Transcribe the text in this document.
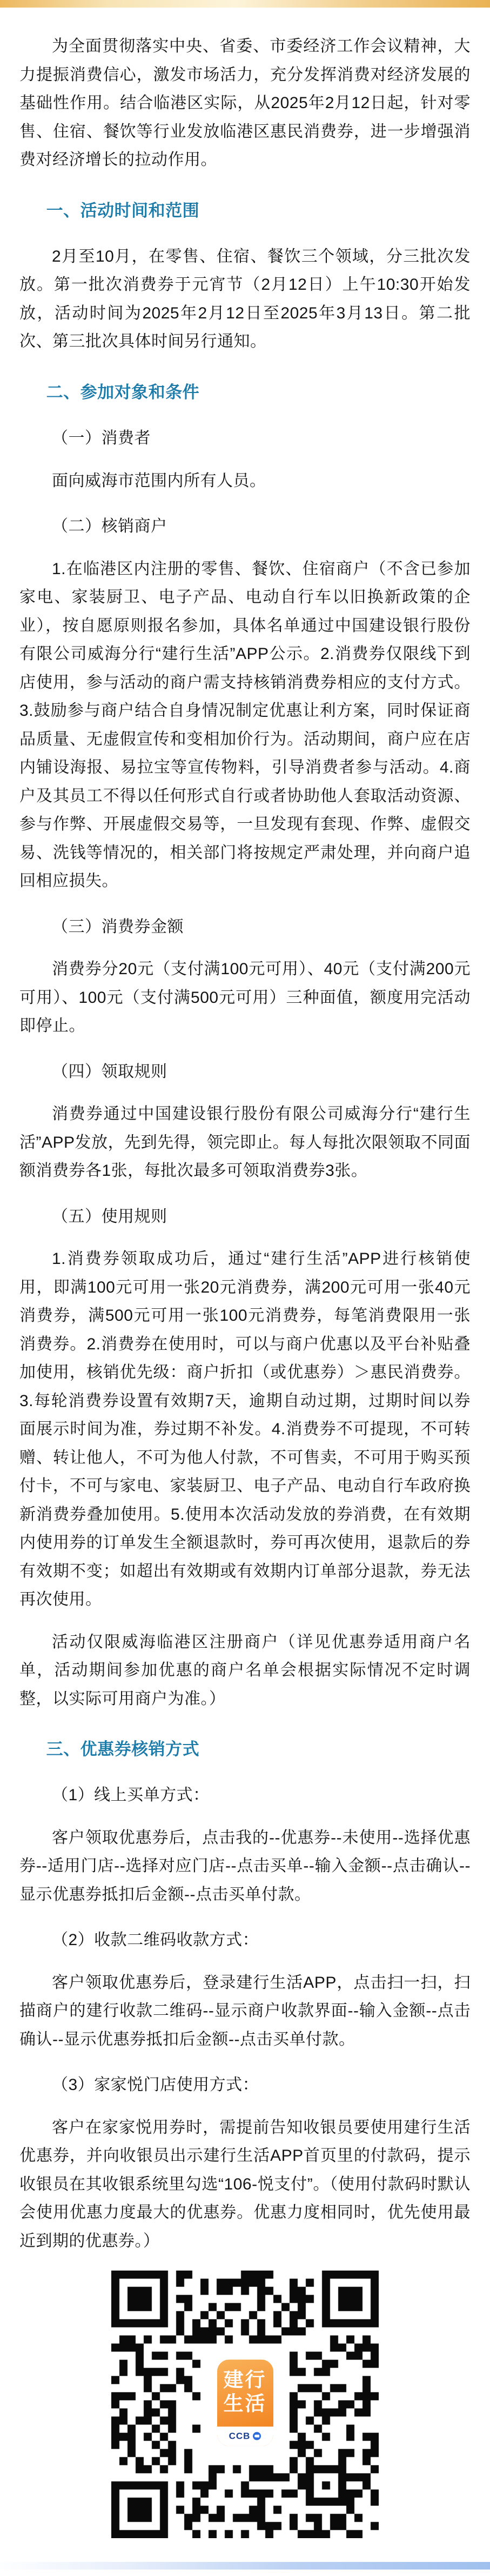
为全面贯彻落实中央、省委、市委经济工作会议精神，大力提振消费信心，激发市场活力，充分发挥消费对经济发展的基础性作用。结合临港区实际，从2025年2月12日起，针对零售、住宿、餐饮等行业发放临港区惠民消费券，进一步增强消费对经济增长的拉动作用。

一、活动时间和范围

2月至10月，在零售、住宿、餐饮三个领域，分三批次发放。第一批次消费券于元宵节（2月12日）上午10:30开始发放，活动时间为2025年2月12日至2025年3月13日。第二批次、第三批次具体时间另行通知。

二、参加对象和条件

（一）消费者

面向威海市范围内所有人员。

（二）核销商户

1.在临港区内注册的零售、餐饮、住宿商户（不含已参加家电、家装厨卫、电子产品、电动自行车以旧换新政策的企业），按自愿原则报名参加，具体名单通过中国建设银行股份有限公司威海分行“建行生活”APP公示。2.消费券仅限线下到店使用，参与活动的商户需支持核销消费券相应的支付方式。3.鼓励参与商户结合自身情况制定优惠让利方案，同时保证商品质量、无虚假宣传和变相加价行为。活动期间，商户应在店内铺设海报、易拉宝等宣传物料，引导消费者参与活动。4.商户及其员工不得以任何形式自行或者协助他人套取活动资源、参与作弊、开展虚假交易等，一旦发现有套现、作弊、虚假交易、洗钱等情况的，相关部门将按规定严肃处理，并向商户追回相应损失。

（三）消费券金额

消费券分20元（支付满100元可用）、40元（支付满200元可用）、100元（支付满500元可用）三种面值，额度用完活动即停止。

（四）领取规则

消费券通过中国建设银行股份有限公司威海分行“建行生活”APP发放，先到先得，领完即止。每人每批次限领取不同面额消费券各1张，每批次最多可领取消费券3张。

（五）使用规则

1.消费券领取成功后，通过“建行生活”APP进行核销使用，即满100元可用一张20元消费券，满200元可用一张40元消费券，满500元可用一张100元消费券，每笔消费限用一张消费券。2.消费券在使用时，可以与商户优惠以及平台补贴叠加使用，核销优先级：商户折扣（或优惠券）＞惠民消费券。3.每轮消费券设置有效期7天，逾期自动过期，过期时间以券面展示时间为准，券过期不补发。4.消费券不可提现，不可转赠、转让他人，不可为他人付款，不可售卖，不可用于购买预付卡，不可与家电、家装厨卫、电子产品、电动自行车政府换新消费券叠加使用。5.使用本次活动发放的券消费，在有效期内使用券的订单发生全额退款时，券可再次使用，退款后的券有效期不变；如超出有效期或有效期内订单部分退款，券无法再次使用。

活动仅限威海临港区注册商户（详见优惠券适用商户名单，活动期间参加优惠的商户名单会根据实际情况不定时调整，以实际可用商户为准。）

三、优惠券核销方式

（1）线上买单方式：

客户领取优惠券后，点击我的--优惠券--未使用--选择优惠券--适用门店--选择对应门店--点击买单--输入金额--点击确认--显示优惠券抵扣后金额--点击买单付款。

（2）收款二维码收款方式：

客户领取优惠券后，登录建行生活APP，点击扫一扫，扫描商户的建行收款二维码--显示商户收款界面--输入金额--点击确认--显示优惠券抵扣后金额--点击买单付款。

（3）家家悦门店使用方式：

客户在家家悦用券时，需提前告知收银员要使用建行生活优惠券，并向收银员出示建行生活APP首页里的付款码，提示收银员在其收银系统里勾选“106-悦支付”。（使用付款码时默认会使用优惠力度最大的优惠券。优惠力度相同时，优先使用最近到期的优惠券。）

建行
生活
CCB
